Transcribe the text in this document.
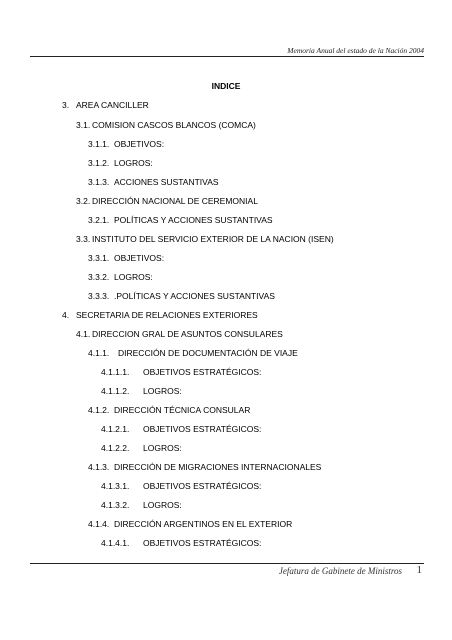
Memoria Anual del estado de la Nación 2004
INDICE
3. AREA CANCILLER
3.1. COMISION CASCOS BLANCOS (COMCA)
3.1.1. OBJETIVOS:
3.1.2. LOGROS:
3.1.3. ACCIONES SUSTANTIVAS
3.2. DIRECCIÓN NACIONAL DE CEREMONIAL
3.2.1. POLÍTICAS Y ACCIONES SUSTANTIVAS
3.3. INSTITUTO DEL SERVICIO EXTERIOR DE LA NACION (ISEN)
3.3.1. OBJETIVOS:
3.3.2. LOGROS:
3.3.3. .POLÍTICAS Y ACCIONES SUSTANTIVAS
4. SECRETARIA DE RELACIONES EXTERIORES
4.1. DIRECCION GRAL DE ASUNTOS CONSULARES
4.1.1. DIRECCIÓN DE DOCUMENTACIÓN DE VIAJE
4.1.1.1. OBJETIVOS ESTRATÉGICOS:
4.1.1.2. LOGROS:
4.1.2. DIRECCIÓN TÉCNICA CONSULAR
4.1.2.1. OBJETIVOS ESTRATÉGICOS:
4.1.2.2. LOGROS:
4.1.3. DIRECCIÓN DE MIGRACIONES INTERNACIONALES
4.1.3.1. OBJETIVOS ESTRATÉGICOS:
4.1.3.2. LOGROS:
4.1.4. DIRECCIÓN ARGENTINOS EN EL EXTERIOR
4.1.4.1. OBJETIVOS ESTRATÉGICOS:
Jefatura de Gabinete de Ministros 1
